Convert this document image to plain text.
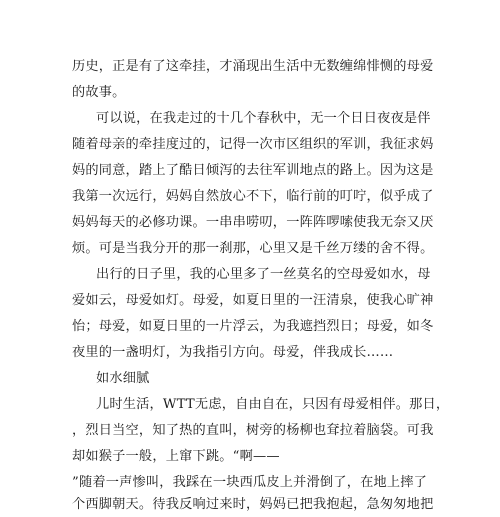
历史，正是有了这牵挂，才涌现出生活中无数缠绵悱恻的母爱
的故事。
可以说，在我走过的十几个春秋中，无一个日日夜夜是伴
随着母亲的牵挂度过的，记得一次市区组织的军训，我征求妈
妈的同意，踏上了酷日倾泻的去往军训地点的路上。因为这是
我第一次远行，妈妈自然放心不下，临行前的叮咛，似乎成了
妈妈每天的必修功课。一串串唠叨，一阵阵啰嗦使我无奈又厌
烦。可是当我分开的那一刹那，心里又是千丝万缕的舍不得。
出行的日子里，我的心里多了一丝莫名的空母爱如水，母
爱如云，母爱如灯。母爱，如夏日里的一汪清泉，使我心旷神
怡；母爱，如夏日里的一片浮云，为我遮挡烈日；母爱，如冬
夜里的一盏明灯，为我指引方向。母爱，伴我成长……
如水细腻
儿时生活，WTT无虑，自由自在，只因有母爱相伴。那日，
，烈日当空，知了热的直叫，树旁的杨柳也耷拉着脑袋。可我
却如猴子一般，上窜下跳。“啊——
”随着一声惨叫，我踩在一块西瓜皮上并滑倒了，在地上摔了
个西脚朝天。待我反响过来时，妈妈已把我抱起，急匆匆地把
